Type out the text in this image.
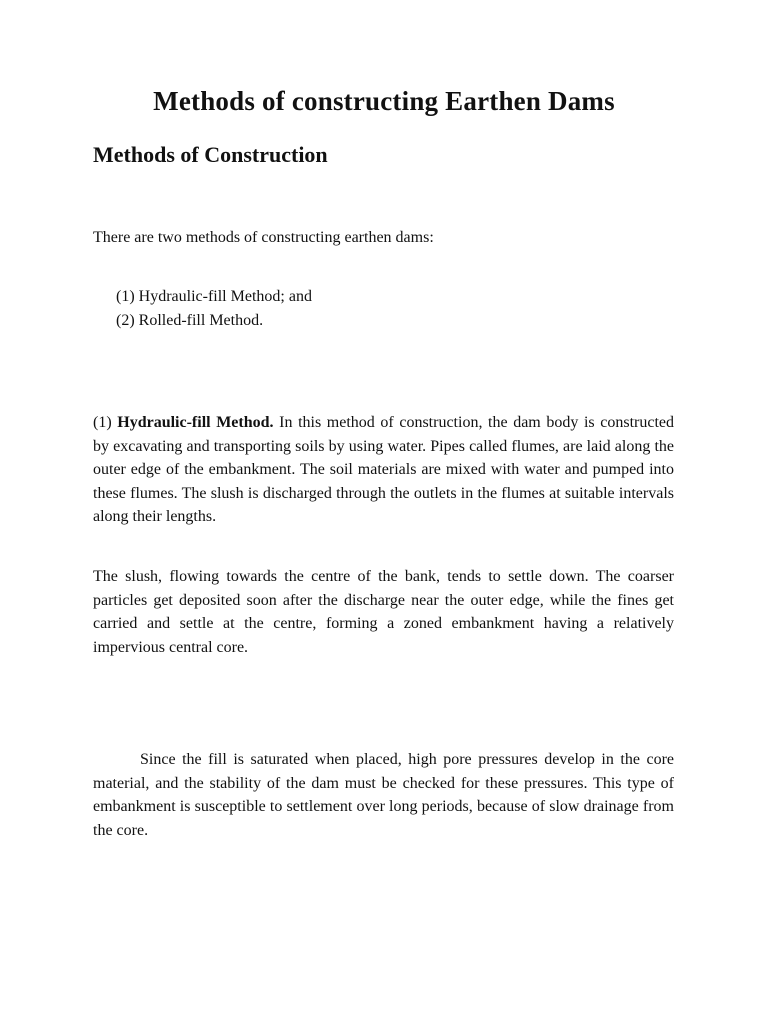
Methods of constructing Earthen Dams
Methods of Construction

There are two methods of constructing earthen dams:

(1) Hydraulic-fill Method; and
(2) Rolled-fill Method.

(1) Hydraulic-fill Method. In this method of construction, the dam body is constructed by excavating and transporting soils by using water. Pipes called flumes, are laid along the outer edge of the embankment. The soil materials are mixed with water and pumped into these flumes. The slush is discharged through the outlets in the flumes at suitable intervals along their lengths.

The slush, flowing towards the centre of the bank, tends to settle down. The coarser particles get deposited soon after the discharge near the outer edge, while the fines get carried and settle at the centre, forming a zoned embankment having a relatively impervious central core.

Since the fill is saturated when placed, high pore pressures develop in the core material, and the stability of the dam must be checked for these pressures. This type of embankment is susceptible to settlement over long periods, because of slow drainage from the core.
